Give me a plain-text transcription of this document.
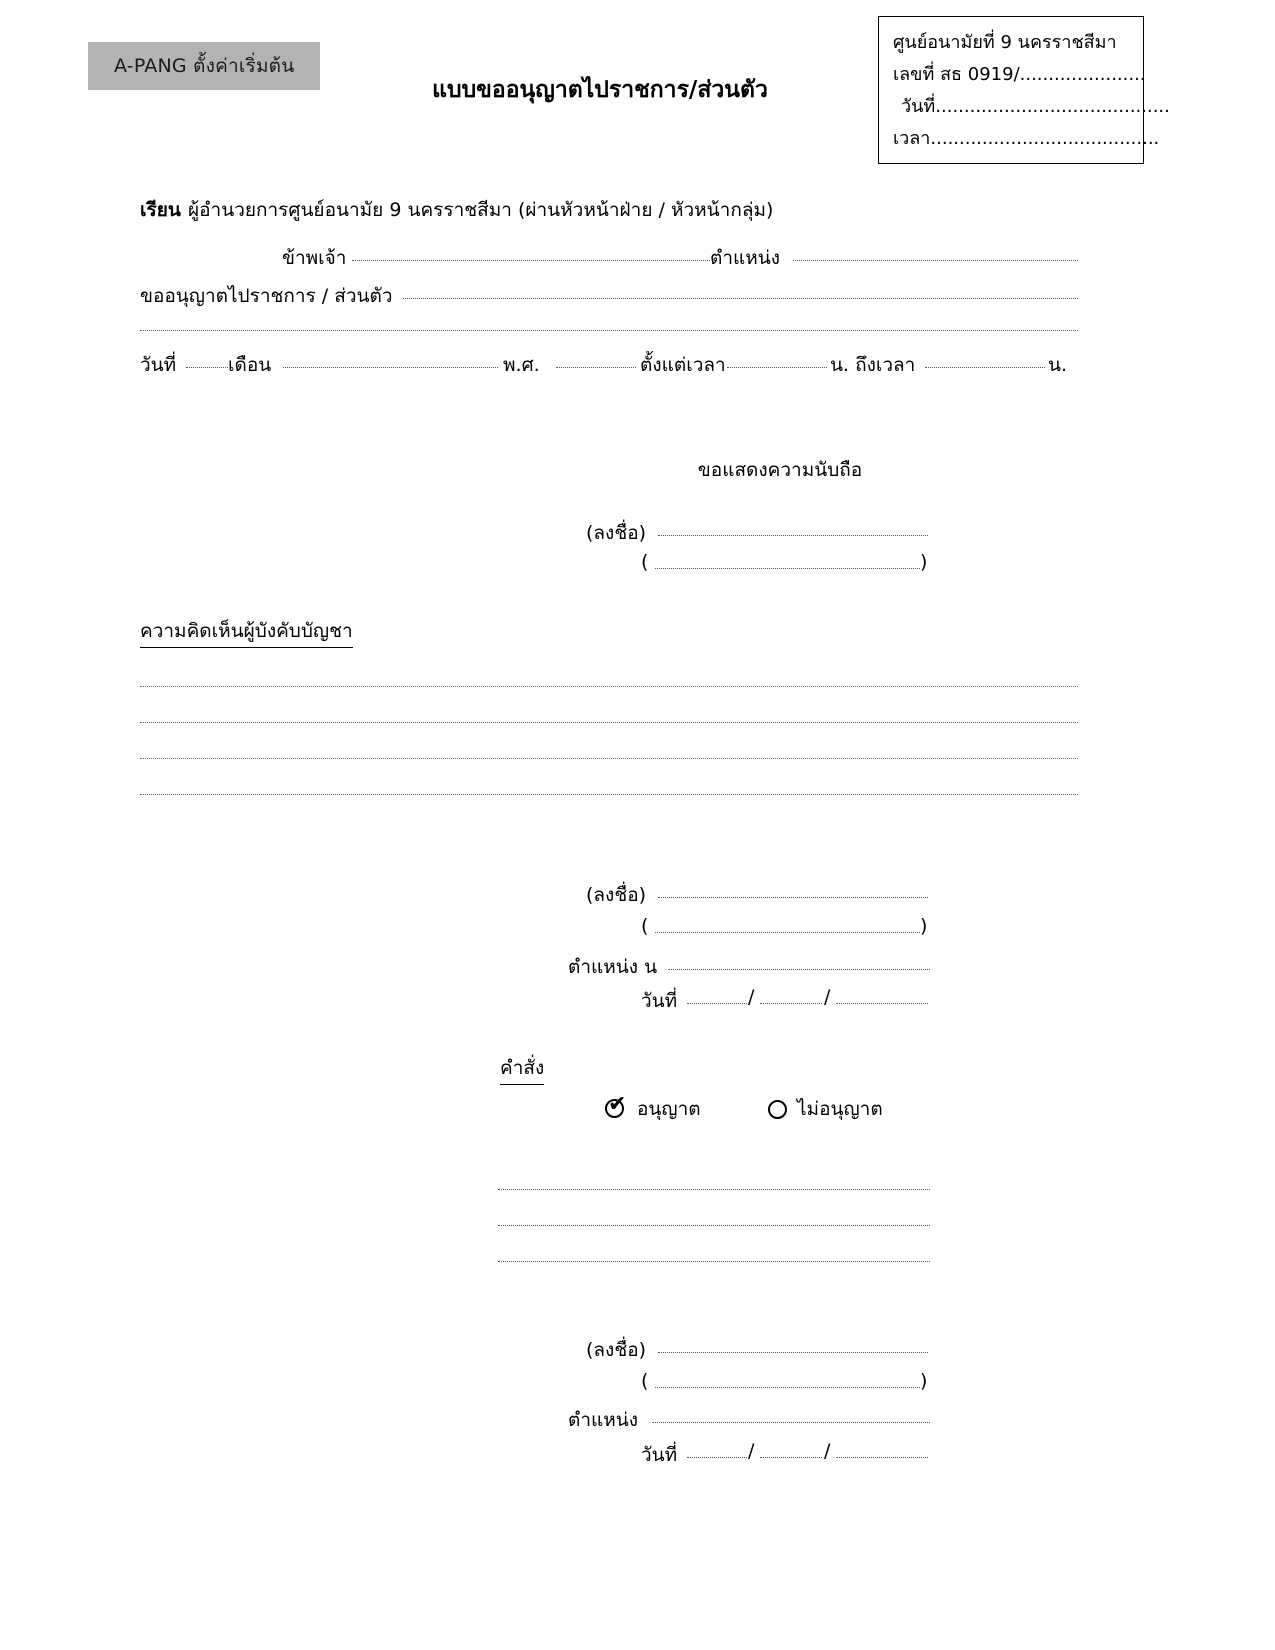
A-PANG ตั้งค่าเริ่มต้น
แบบขออนุญาตไปราชการ/ส่วนตัว
ศูนย์อนามัยที่ 9 นครราชสีมา
เลขที่ สธ 0919/......................
วันที่.........................................
เวลา........................................
เรียน ผู้อำนวยการศูนย์อนามัย 9 นครราชสีมา (ผ่านหัวหน้าฝ่าย / หัวหน้ากลุ่ม)
ข้าพเจ้า	ตำแหน่ง
ขออนุญาตไปราชการ / ส่วนตัว
วันที่	เดือน	พ.ศ.	ตั้งแต่เวลา	น. ถึงเวลา	น.
ขอแสดงความนับถือ
(ลงชื่อ)
(	)
ความคิดเห็นผู้บังคับบัญชา
(ลงชื่อ)
(	)
ตำแหน่ง น
วันที่	/	/
คำสั่ง
✔ อนุญาต	ไม่อนุญาต
(ลงชื่อ)
(	)
ตำแหน่ง
วันที่	/	/
